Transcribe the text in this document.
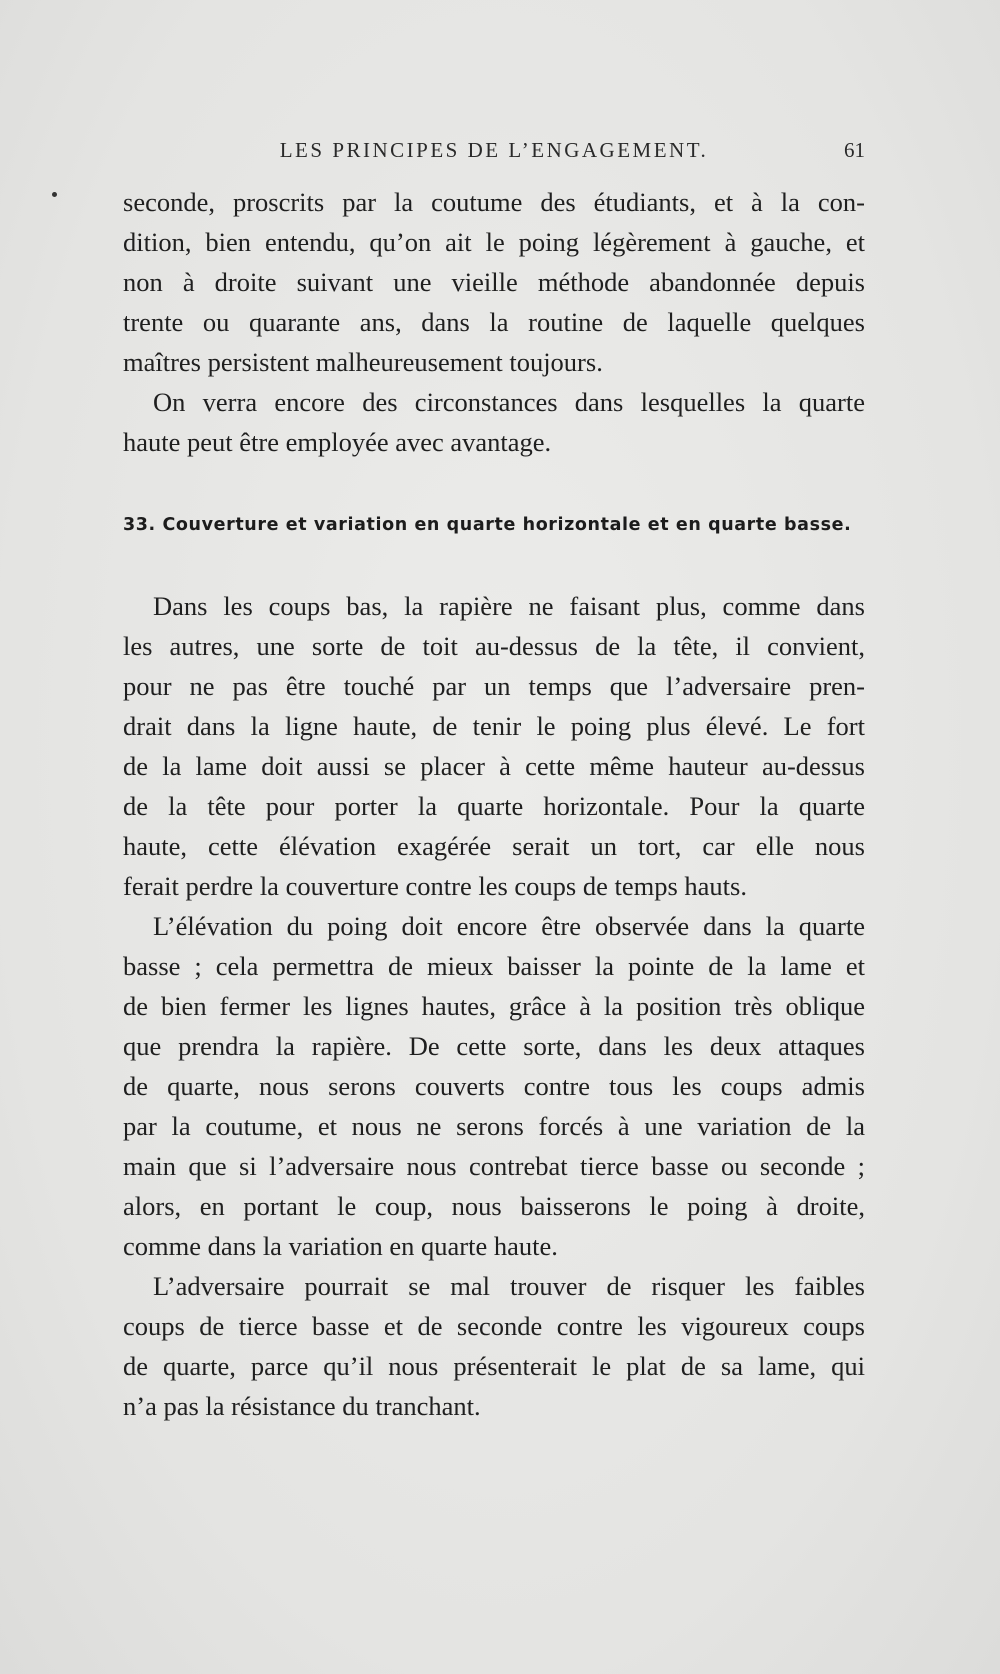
LES PRINCIPES DE L’ENGAGEMENT.	61
seconde, proscrits par la coutume des étudiants, et à la con-
dition, bien entendu, qu’on ait le poing légèrement à gauche, et
non à droite suivant une vieille méthode abandonnée depuis
trente ou quarante ans, dans la routine de laquelle quelques
maîtres persistent malheureusement toujours.
On verra encore des circonstances dans lesquelles la quarte
haute peut être employée avec avantage.
33. Couverture et variation en quarte horizontale et en quarte basse.
Dans les coups bas, la rapière ne faisant plus, comme dans
les autres, une sorte de toit au-dessus de la tête, il convient,
pour ne pas être touché par un temps que l’adversaire pren-
drait dans la ligne haute, de tenir le poing plus élevé. Le fort
de la lame doit aussi se placer à cette même hauteur au-dessus
de la tête pour porter la quarte horizontale. Pour la quarte
haute, cette élévation exagérée serait un tort, car elle nous
ferait perdre la couverture contre les coups de temps hauts.
L’élévation du poing doit encore être observée dans la quarte
basse ; cela permettra de mieux baisser la pointe de la lame et
de bien fermer les lignes hautes, grâce à la position très oblique
que prendra la rapière. De cette sorte, dans les deux attaques
de quarte, nous serons couverts contre tous les coups admis
par la coutume, et nous ne serons forcés à une variation de la
main que si l’adversaire nous contrebat tierce basse ou seconde ;
alors, en portant le coup, nous baisserons le poing à droite,
comme dans la variation en quarte haute.
L’adversaire pourrait se mal trouver de risquer les faibles
coups de tierce basse et de seconde contre les vigoureux coups
de quarte, parce qu’il nous présenterait le plat de sa lame, qui
n’a pas la résistance du tranchant.
